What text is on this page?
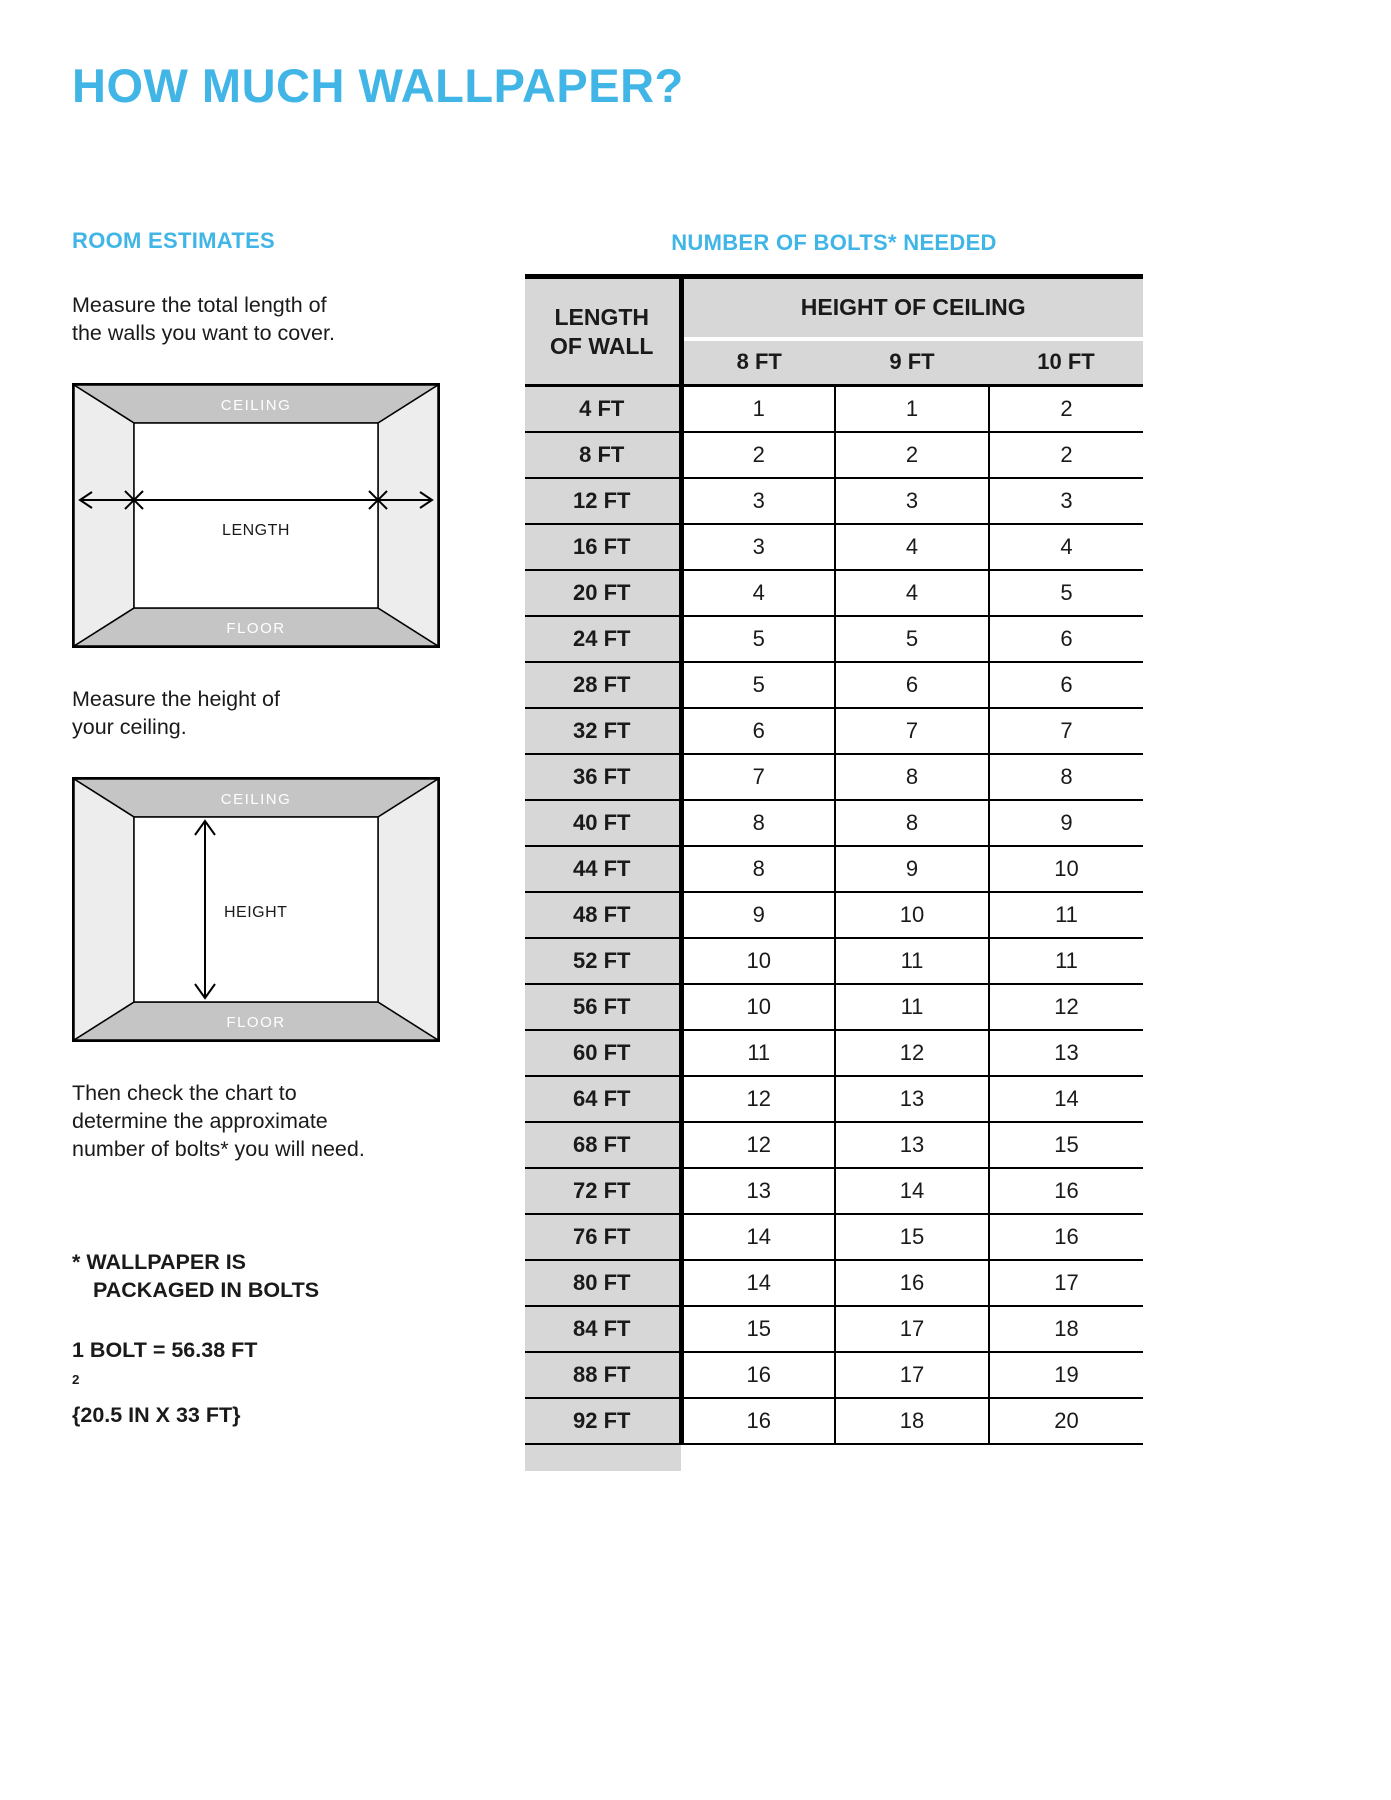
HOW MUCH WALLPAPER?
ROOM ESTIMATES

Measure the total length of
the walls you want to cover.

CEILING
FLOOR
LENGTH

Measure the height of
your ceiling.

CEILING
FLOOR
HEIGHT

Then check the chart to
determine the approximate
number of bolts* you will need.

* WALLPAPER IS
PACKAGED IN BOLTS

1 BOLT = 56.38 FT
$^2$
{20.5 IN X 33 FT}

NUMBER OF BOLTS* NEEDED
LENGTH
OF WALL	HEIGHT OF CEILING		
	8 FT	9 FT	10 FT
4 FT	1	1	2
8 FT	2	2	2
12 FT	3	3	3
16 FT	3	4	4
20 FT	4	4	5
24 FT	5	5	6
28 FT	5	6	6
32 FT	6	7	7
36 FT	7	8	8
40 FT	8	8	9
44 FT	8	9	10
48 FT	9	10	11
52 FT	10	11	11
56 FT	10	11	12
60 FT	11	12	13
64 FT	12	13	14
68 FT	12	13	15
72 FT	13	14	16
76 FT	14	15	16
80 FT	14	16	17
84 FT	15	17	18
88 FT	16	17	19
92 FT	16	18	20
